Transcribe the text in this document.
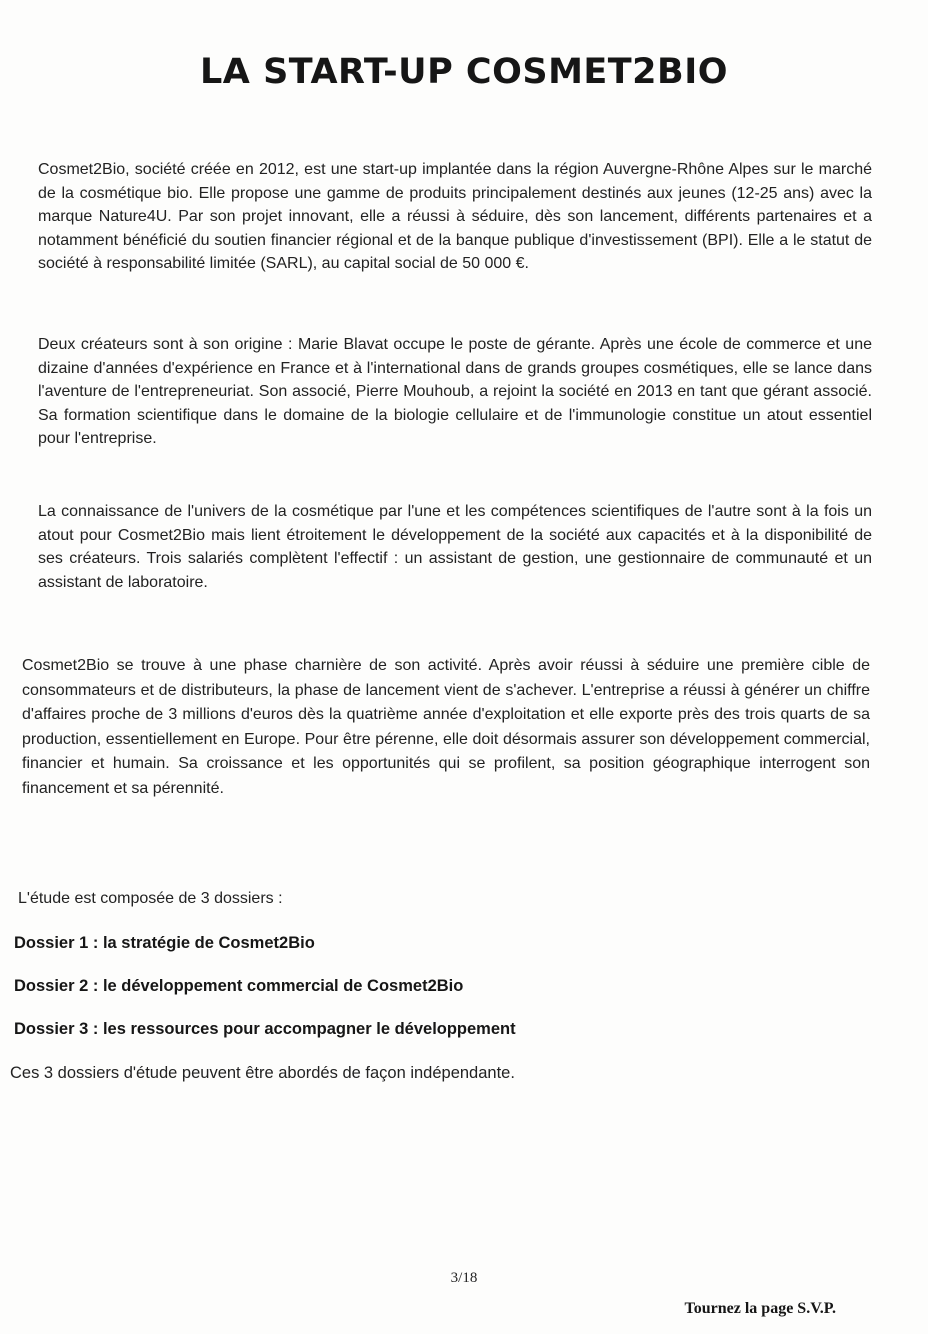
LA START-UP COSMET2BIO

Cosmet2Bio, société créée en 2012, est une start-up implantée dans la région Auvergne-Rhône Alpes sur le marché de la cosmétique bio. Elle propose une gamme de produits principalement destinés aux jeunes (12-25 ans) avec la marque Nature4U. Par son projet innovant, elle a réussi à séduire, dès son lancement, différents partenaires et a notamment bénéficié du soutien financier régional et de la banque publique d'investissement (BPI). Elle a le statut de société à responsabilité limitée (SARL), au capital social de 50 000 €.

Deux créateurs sont à son origine : Marie Blavat occupe le poste de gérante. Après une école de commerce et une dizaine d'années d'expérience en France et à l'international dans de grands groupes cosmétiques, elle se lance dans l'aventure de l'entrepreneuriat. Son associé, Pierre Mouhoub, a rejoint la société en 2013 en tant que gérant associé. Sa formation scientifique dans le domaine de la biologie cellulaire et de l'immunologie constitue un atout essentiel pour l'entreprise.

La connaissance de l'univers de la cosmétique par l'une et les compétences scientifiques de l'autre sont à la fois un atout pour Cosmet2Bio mais lient étroitement le développement de la société aux capacités et à la disponibilité de ses créateurs. Trois salariés complètent l'effectif : un assistant de gestion, une gestionnaire de communauté et un assistant de laboratoire.

Cosmet2Bio se trouve à une phase charnière de son activité. Après avoir réussi à séduire une première cible de consommateurs et de distributeurs, la phase de lancement vient de s'achever. L'entreprise a réussi à générer un chiffre d'affaires proche de 3 millions d'euros dès la quatrième année d'exploitation et elle exporte près des trois quarts de sa production, essentiellement en Europe. Pour être pérenne, elle doit désormais assurer son développement commercial, financier et humain. Sa croissance et les opportunités qui se profilent, sa position géographique interrogent son financement et sa pérennité.

L'étude est composée de 3 dossiers :

Dossier 1 : la stratégie de Cosmet2Bio

Dossier 2 : le développement commercial de Cosmet2Bio

Dossier 3 : les ressources pour accompagner le développement

Ces 3 dossiers d'étude peuvent être abordés de façon indépendante.

3/18

Tournez la page S.V.P.
